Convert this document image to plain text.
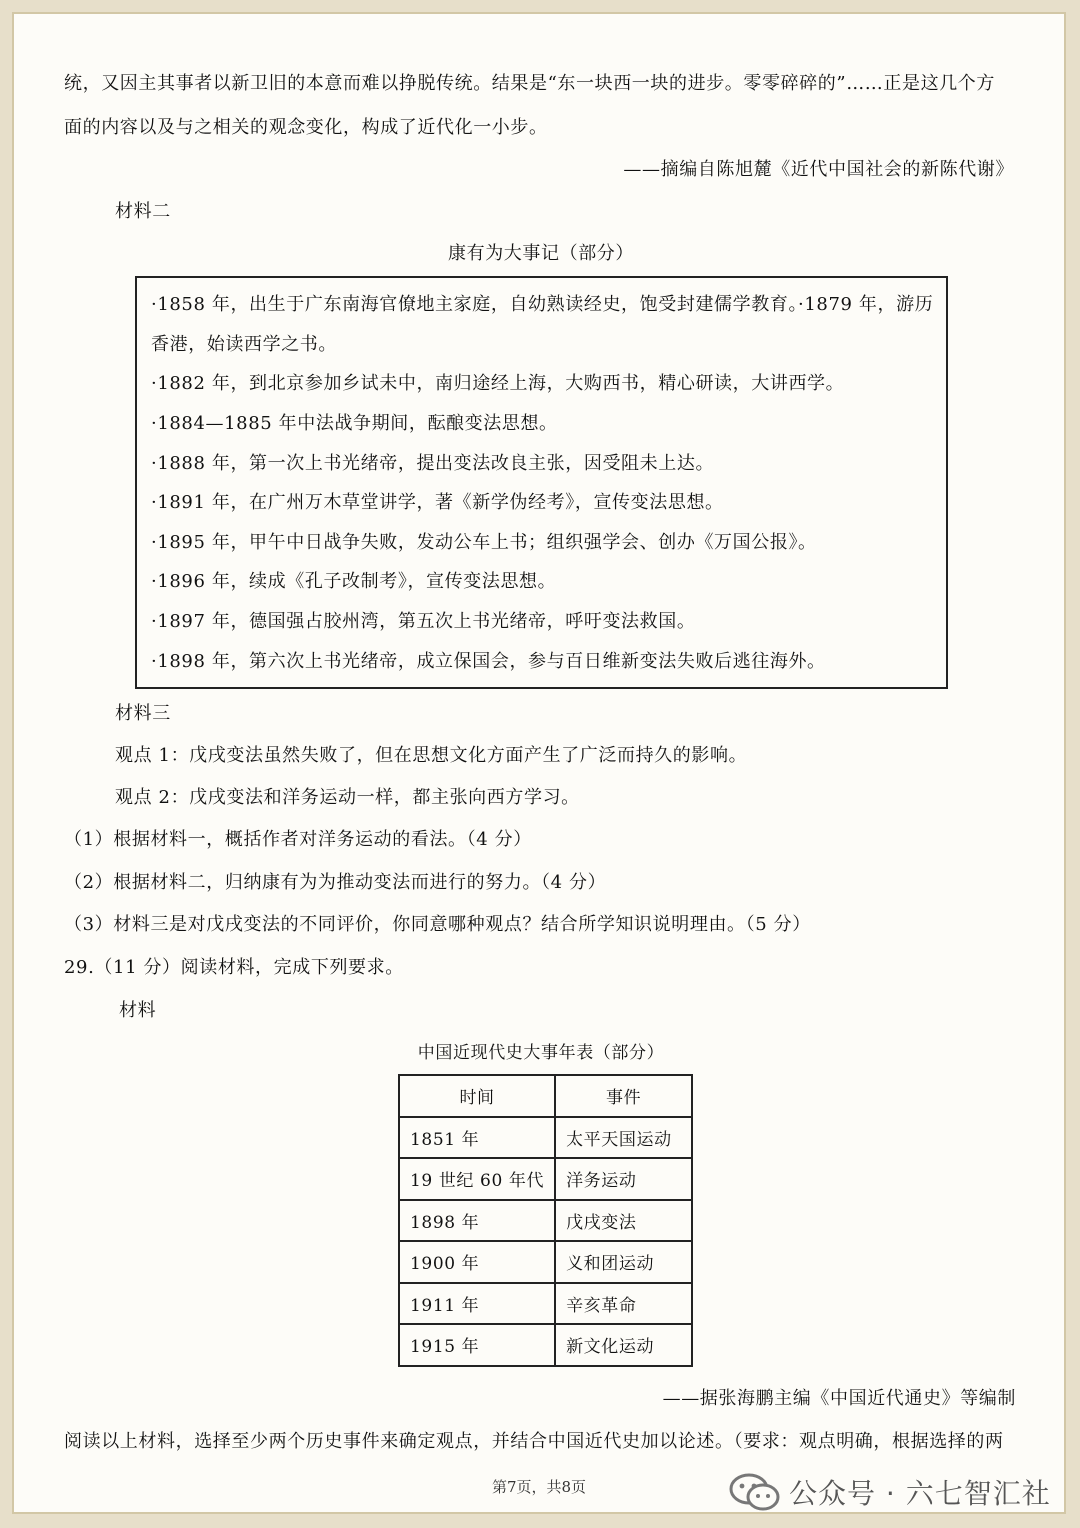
统，又因主其事者以新卫旧的本意而难以挣脱传统。结果是“东一块西一块的进步。零零碎碎的”……正是这几个方
面的内容以及与之相关的观念变化，构成了近代化一小步。
——摘编自陈旭麓《近代中国社会的新陈代谢》
材料二
康有为大事记（部分）
·1858 年，出生于广东南海官僚地主家庭，自幼熟读经史，饱受封建儒学教育。·1879 年，游历
香港，始读西学之书。
·1882 年，到北京参加乡试未中，南归途经上海，大购西书，精心研读，大讲西学。
·1884—1885 年中法战争期间，酝酿变法思想。
·1888 年，第一次上书光绪帝，提出变法改良主张，因受阻未上达。
·1891 年，在广州万木草堂讲学，著《新学伪经考》，宣传变法思想。
·1895 年，甲午中日战争失败，发动公车上书；组织强学会、创办《万国公报》。
·1896 年，续成《孔子改制考》，宣传变法思想。
·1897 年，德国强占胶州湾，第五次上书光绪帝，呼吁变法救国。
·1898 年，第六次上书光绪帝，成立保国会，参与百日维新变法失败后逃往海外。
材料三
观点 1：戊戌变法虽然失败了，但在思想文化方面产生了广泛而持久的影响。
观点 2：戊戌变法和洋务运动一样，都主张向西方学习。
（1）根据材料一，概括作者对洋务运动的看法。（4 分）
（2）根据材料二，归纳康有为为推动变法而进行的努力。（4 分）
（3）材料三是对戊戌变法的不同评价，你同意哪种观点？结合所学知识说明理由。（5 分）
29.（11 分）阅读材料，完成下列要求。
材料
中国近现代史大事年表（部分）
时间	事件
1851 年	太平天国运动
19 世纪 60 年代	洋务运动
1898 年	戊戌变法
1900 年	义和团运动
1911 年	辛亥革命
1915 年	新文化运动
——据张海鹏主编《中国近代通史》等编制
阅读以上材料，选择至少两个历史事件来确定观点，并结合中国近代史加以论述。（要求：观点明确，根据选择的两
第7页，共8页	公众号 · 六七智汇社
